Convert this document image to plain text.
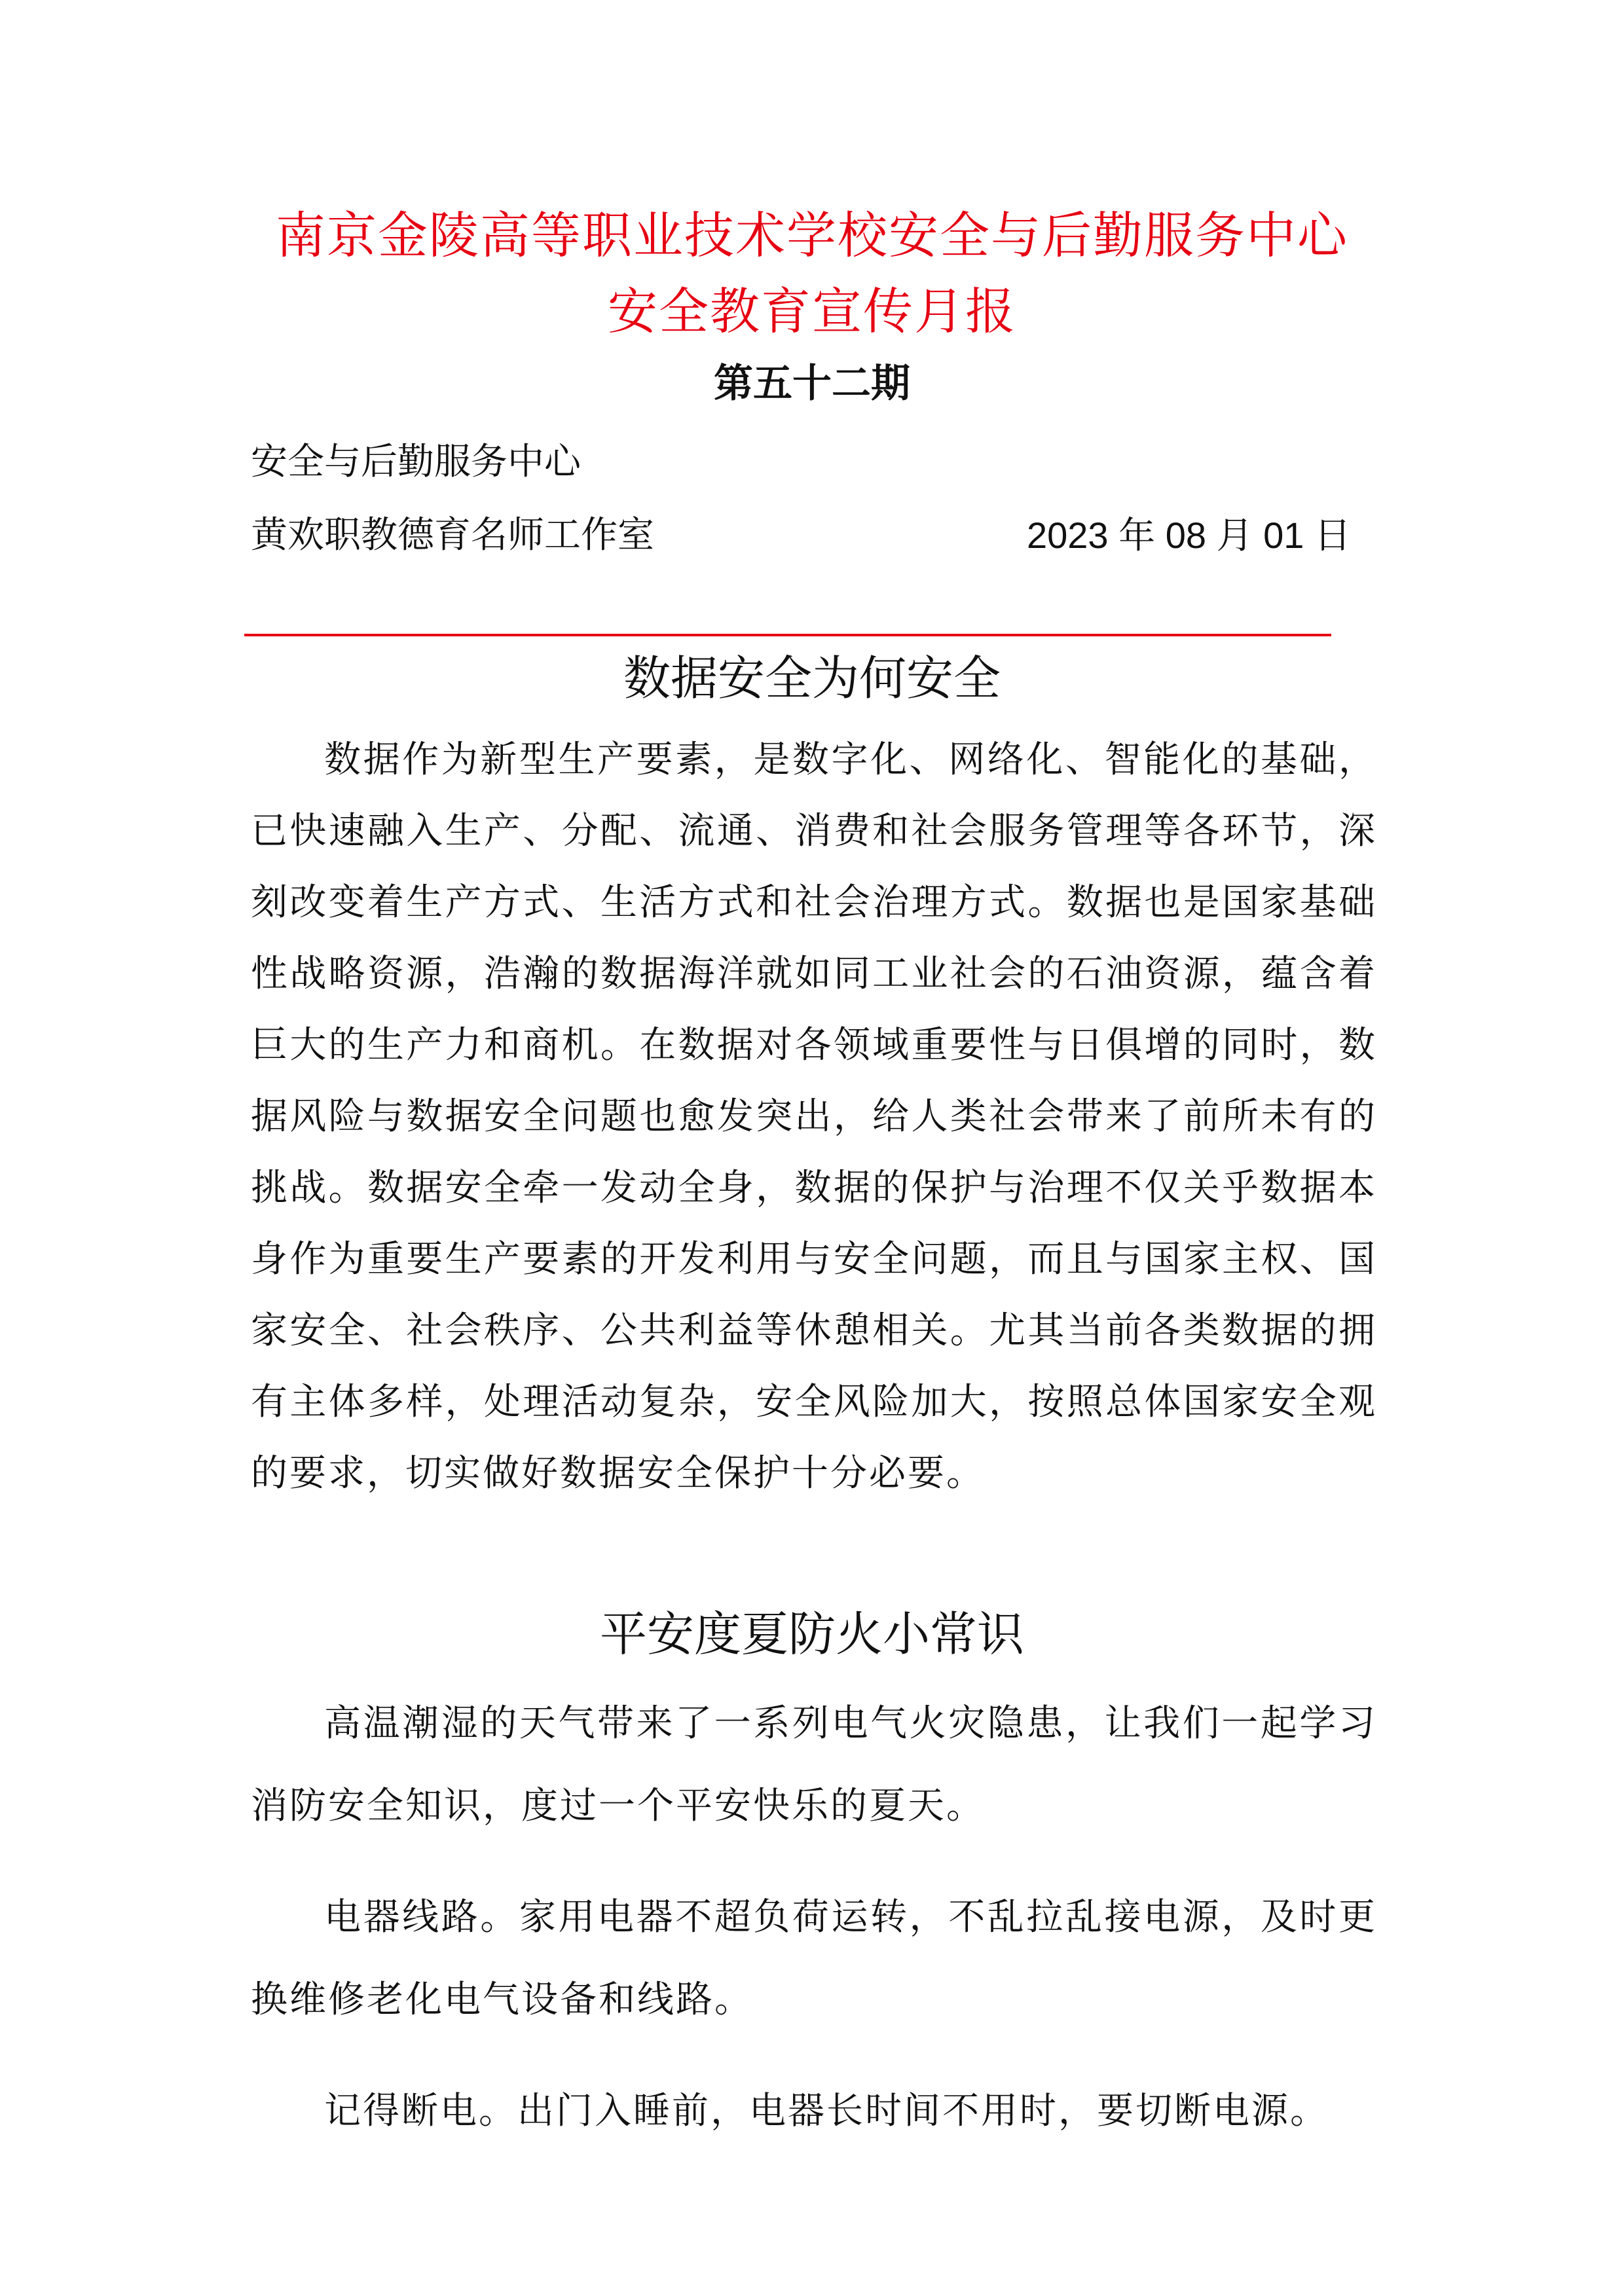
南京金陵高等职业技术学校安全与后勤服务中心
安全教育宣传月报
第五十二期
安全与后勤服务中心
黄欢职教德育名师工作室	2023 年 08 月 01 日
数据安全为何安全

数据作为新型生产要素，是数字化、网络化、智能化的基础，已快速融入生产、分配、流通、消费和社会服务管理等各环节，深刻改变着生产方式、生活方式和社会治理方式。数据也是国家基础性战略资源，浩瀚的数据海洋就如同工业社会的石油资源，蕴含着巨大的生产力和商机。在数据对各领域重要性与日俱增的同时，数据风险与数据安全问题也愈发突出，给人类社会带来了前所未有的挑战。数据安全牵一发动全身，数据的保护与治理不仅关乎数据本身作为重要生产要素的开发利用与安全问题，而且与国家主权、国家安全、社会秩序、公共利益等休憩相关。尤其当前各类数据的拥有主体多样，处理活动复杂，安全风险加大，按照总体国家安全观的要求，切实做好数据安全保护十分必要。

平安度夏防火小常识

高温潮湿的天气带来了一系列电气火灾隐患，让我们一起学习消防安全知识，度过一个平安快乐的夏天。

电器线路。家用电器不超负荷运转，不乱拉乱接电源，及时更换维修老化电气设备和线路。

记得断电。出门入睡前，电器长时间不用时，要切断电源。
